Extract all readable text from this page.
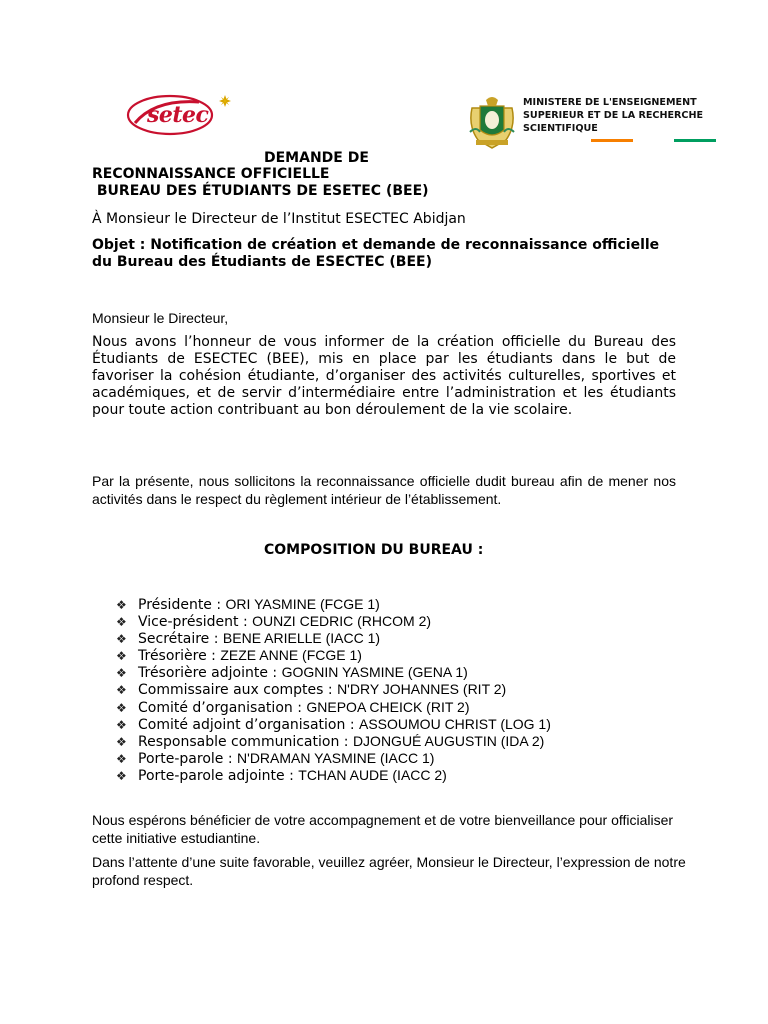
setec	MINISTERE DE L'ENSEIGNEMENT
SUPERIEUR ET DE LA RECHERCHE
SCIENTIFIQUE
DEMANDE DE
RECONNAISSANCE OFFICIELLE
BUREAU DES ÉTUDIANTS DE ESETEC (BEE)
À Monsieur le Directeur de l’Institut ESECTEC Abidjan
Objet : Notification de création et demande de reconnaissance officielle du Bureau des Étudiants de ESECTEC (BEE)
Monsieur le Directeur,
Nous avons l’honneur de vous informer de la création officielle du Bureau des Étudiants de ESECTEC (BEE), mis en place par les étudiants dans le but de favoriser la cohésion étudiante, d’organiser des activités culturelles, sportives et académiques, et de servir d’intermédiaire entre l’administration et les étudiants pour toute action contribuant au bon déroulement de la vie scolaire.
Par la présente, nous sollicitons la reconnaissance officielle dudit bureau afin de mener nos activités dans le respect du règlement intérieur de l’établissement.
COMPOSITION DU BUREAU :
❖ Présidente : ORI YASMINE (FCGE 1)
❖ Vice-président : OUNZI CEDRIC (RHCOM 2)
❖ Secrétaire : BENE ARIELLE (IACC 1)
❖ Trésorière : ZEZE ANNE (FCGE 1)
❖ Trésorière adjointe : GOGNIN YASMINE (GENA 1)
❖ Commissaire aux comptes : N'DRY JOHANNES (RIT 2)
❖ Comité d’organisation : GNEPOA CHEICK (RIT 2)
❖ Comité adjoint d’organisation : ASSOUMOU CHRIST (LOG 1)
❖ Responsable communication : DJONGUÉ AUGUSTIN (IDA 2)
❖ Porte-parole : N'DRAMAN YASMINE (IACC 1)
❖ Porte-parole adjointe : TCHAN AUDE (IACC 2)
Nous espérons bénéficier de votre accompagnement et de votre bienveillance pour officialiser cette initiative estudiantine.
Dans l’attente d’une suite favorable, veuillez agréer, Monsieur le Directeur, l’expression de notre profond respect.
